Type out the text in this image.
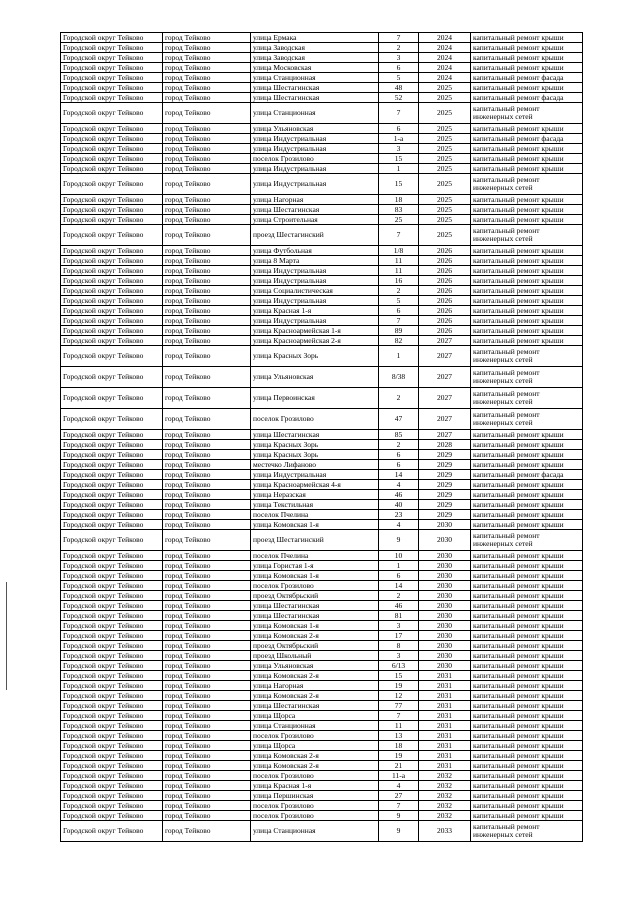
Городской округ Тейково	город Тейково	улица Ермака	7	2024	капитальный ремонт крыши
Городской округ Тейково	город Тейково	улица Заводская	2	2024	капитальный ремонт крыши
Городской округ Тейково	город Тейково	улица Заводская	3	2024	капитальный ремонт крыши
Городской округ Тейково	город Тейково	улица Московская	6	2024	капитальный ремонт крыши
Городской округ Тейково	город Тейково	улица Станционная	5	2024	капитальный ремонт фасада
Городской округ Тейково	город Тейково	улица Шестагинская	48	2025	капитальный ремонт крыши
Городской округ Тейково	город Тейково	улица Шестагинская	52	2025	капитальный ремонт фасада
Городской округ Тейково	город Тейково	улица Станционная	7	2025	капитальный ремонт инженерных сетей
Городской округ Тейково	город Тейково	улица Ульяновская	6	2025	капитальный ремонт крыши
Городской округ Тейково	город Тейково	улица Индустриальная	1-а	2025	капитальный ремонт фасада
Городской округ Тейково	город Тейково	улица Индустриальная	3	2025	капитальный ремонт крыши
Городской округ Тейково	город Тейково	поселок Грозилово	15	2025	капитальный ремонт крыши
Городской округ Тейково	город Тейково	улица Индустриальная	1	2025	капитальный ремонт крыши
Городской округ Тейково	город Тейково	улица Индустриальная	15	2025	капитальный ремонт инженерных сетей
Городской округ Тейково	город Тейково	улица Нагорная	18	2025	капитальный ремонт крыши
Городской округ Тейково	город Тейково	улица Шестагинская	83	2025	капитальный ремонт крыши
Городской округ Тейково	город Тейково	улица Строительная	25	2025	капитальный ремонт крыши
Городской округ Тейково	город Тейково	проезд Шестагинский	7	2025	капитальный ремонт инженерных сетей
Городской округ Тейково	город Тейково	улица Футбольная	1/8	2026	капитальный ремонт крыши
Городской округ Тейково	город Тейково	улица 8 Марта	11	2026	капитальный ремонт крыши
Городской округ Тейково	город Тейково	улица Индустриальная	11	2026	капитальный ремонт крыши
Городской округ Тейково	город Тейково	улица Индустриальная	16	2026	капитальный ремонт крыши
Городской округ Тейково	город Тейково	улица Социалистическая	2	2026	капитальный ремонт крыши
Городской округ Тейково	город Тейково	улица Индустриальная	5	2026	капитальный ремонт крыши
Городской округ Тейково	город Тейково	улица Красная 1-я	6	2026	капитальный ремонт крыши
Городской округ Тейково	город Тейково	улица Индустриальная	7	2026	капитальный ремонт крыши
Городской округ Тейково	город Тейково	улица Красноармейская 1-я	89	2026	капитальный ремонт крыши
Городской округ Тейково	город Тейково	улица Красноармейская 2-я	82	2027	капитальный ремонт крыши
Городской округ Тейково	город Тейково	улица Красных Зорь	1	2027	капитальный ремонт инженерных сетей
Городской округ Тейково	город Тейково	улица Ульяновская	8/38	2027	капитальный ремонт инженерных сетей
Городской округ Тейково	город Тейково	улица Первоинская	2	2027	капитальный ремонт инженерных сетей
Городской округ Тейково	город Тейково	поселок Грозилово	47	2027	капитальный ремонт инженерных сетей
Городской округ Тейково	город Тейково	улица Шестагинская	85	2027	капитальный ремонт крыши
Городской округ Тейково	город Тейково	улица Красных Зорь	2	2028	капитальный ремонт крыши
Городской округ Тейково	город Тейково	улица Красных Зорь	6	2029	капитальный ремонт крыши
Городской округ Тейково	город Тейково	местечко Лифаново	6	2029	капитальный ремонт крыши
Городской округ Тейково	город Тейково	улица Индустриальная	14	2029	капитальный ремонт фасада
Городской округ Тейково	город Тейково	улица Красноармейская 4-я	4	2029	капитальный ремонт крыши
Городской округ Тейково	город Тейково	улица Неразская	46	2029	капитальный ремонт крыши
Городской округ Тейково	город Тейково	улица Текстильная	40	2029	капитальный ремонт крыши
Городской округ Тейково	город Тейково	поселок Пчелина	23	2029	капитальный ремонт крыши
Городской округ Тейково	город Тейково	улица Комовская 1-я	4	2030	капитальный ремонт крыши
Городской округ Тейково	город Тейково	проезд Шестагинский	9	2030	капитальный ремонт инженерных сетей
Городской округ Тейково	город Тейково	поселок Пчелина	10	2030	капитальный ремонт крыши
Городской округ Тейково	город Тейково	улица Гористая 1-я	1	2030	капитальный ремонт крыши
Городской округ Тейково	город Тейково	улица Комовская 1-я	6	2030	капитальный ремонт крыши
Городской округ Тейково	город Тейково	поселок Грозилово	14	2030	капитальный ремонт крыши
Городской округ Тейково	город Тейково	проезд Октябрьский	2	2030	капитальный ремонт крыши
Городской округ Тейково	город Тейково	улица Шестагинская	46	2030	капитальный ремонт крыши
Городской округ Тейково	город Тейково	улица Шестагинская	81	2030	капитальный ремонт крыши
Городской округ Тейково	город Тейково	улица Комовская 1-я	3	2030	капитальный ремонт крыши
Городской округ Тейково	город Тейково	улица Комовская 2-я	17	2030	капитальный ремонт крыши
Городской округ Тейково	город Тейково	проезд Октябрьский	8	2030	капитальный ремонт крыши
Городской округ Тейково	город Тейково	проезд Школьный	3	2030	капитальный ремонт крыши
Городской округ Тейково	город Тейково	улица Ульяновская	6/13	2030	капитальный ремонт крыши
Городской округ Тейково	город Тейково	улица Комовская 2-я	15	2031	капитальный ремонт крыши
Городской округ Тейково	город Тейково	улица Нагорная	19	2031	капитальный ремонт крыши
Городской округ Тейково	город Тейково	улица Комовская 2-я	12	2031	капитальный ремонт крыши
Городской округ Тейково	город Тейково	улица Шестагинская	77	2031	капитальный ремонт крыши
Городской округ Тейково	город Тейково	улица Щорса	7	2031	капитальный ремонт крыши
Городской округ Тейково	город Тейково	улица Станционная	11	2031	капитальный ремонт крыши
Городской округ Тейково	город Тейково	поселок Грозилово	13	2031	капитальный ремонт крыши
Городской округ Тейково	город Тейково	улица Щорса	18	2031	капитальный ремонт крыши
Городской округ Тейково	город Тейково	улица Комовская 2-я	19	2031	капитальный ремонт крыши
Городской округ Тейково	город Тейково	улица Комовская 2-я	21	2031	капитальный ремонт крыши
Городской округ Тейково	город Тейково	поселок Грозилово	11-а	2032	капитальный ремонт крыши
Городской округ Тейково	город Тейково	улица Красная 1-я	4	2032	капитальный ремонт крыши
Городской округ Тейково	город Тейково	улица Першинская	27	2032	капитальный ремонт крыши
Городской округ Тейково	город Тейково	поселок Грозилово	7	2032	капитальный ремонт крыши
Городской округ Тейково	город Тейково	поселок Грозилово	9	2032	капитальный ремонт крыши
Городской округ Тейково	город Тейково	улица Станционная	9	2033	капитальный ремонт инженерных сетей
